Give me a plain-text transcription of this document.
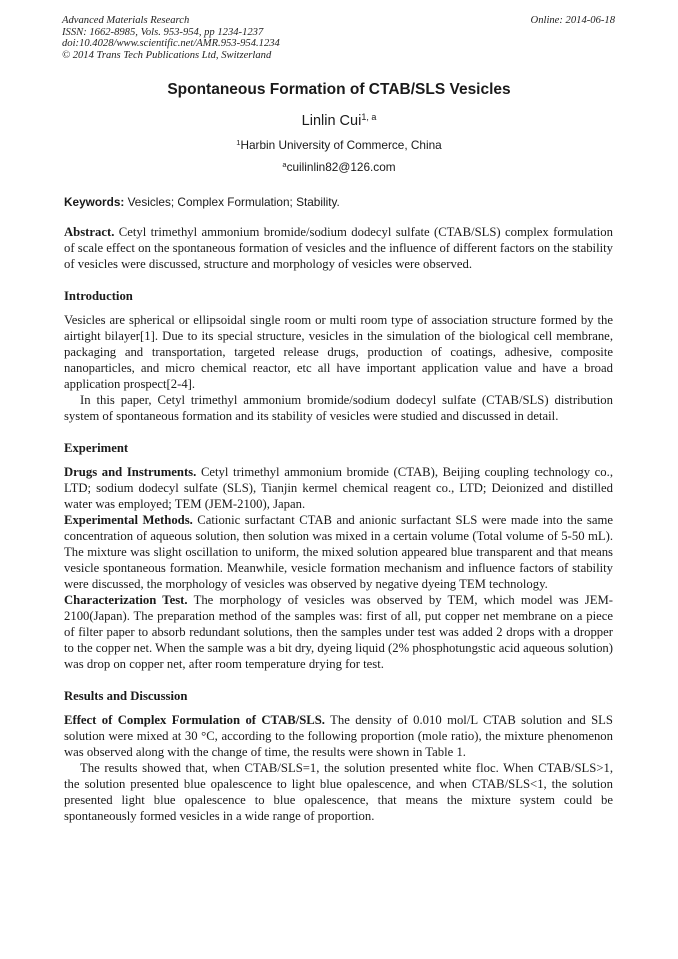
Advanced Materials Research
ISSN: 1662-8985, Vols. 953-954, pp 1234-1237
doi:10.4028/www.scientific.net/AMR.953-954.1234
© 2014 Trans Tech Publications Ltd, Switzerland
Online: 2014-06-18
Spontaneous Formation of CTAB/SLS Vesicles
Linlin Cui$^{1, a}$
$^1$Harbin University of Commerce, China
$^a$cuilinlin82@126.com
Keywords: Vesicles; Complex Formulation; Stability.

Abstract. Cetyl trimethyl ammonium bromide/sodium dodecyl sulfate (CTAB/SLS) complex formulation of scale effect on the spontaneous formation of vesicles and the influence of different factors on the stability of vesicles were discussed, structure and morphology of vesicles were observed.

Introduction

Vesicles are spherical or ellipsoidal single room or multi room type of association structure formed by the airtight bilayer[1]. Due to its special structure, vesicles in the simulation of the biological cell membrane, packaging and transportation, targeted release drugs, production of coatings, adhesive, composite nanoparticles, and micro chemical reactor, etc all have important application value and have a broad application prospect[2-4].

In this paper, Cetyl trimethyl ammonium bromide/sodium dodecyl sulfate (CTAB/SLS) distribution system of spontaneous formation and its stability of vesicles were studied and discussed in detail.

Experiment

Drugs and Instruments. Cetyl trimethyl ammonium bromide (CTAB), Beijing coupling technology co., LTD; sodium dodecyl sulfate (SLS), Tianjin kermel chemical reagent co., LTD; Deionized and distilled water was employed; TEM (JEM-2100), Japan.

Experimental Methods. Cationic surfactant CTAB and anionic surfactant SLS were made into the same concentration of aqueous solution, then solution was mixed in a certain volume (Total volume of 5-50 mL). The mixture was slight oscillation to uniform, the mixed solution appeared blue transparent and that means vesicle spontaneous formation. Meanwhile, vesicle formation mechanism and influence factors of stability were discussed, the morphology of vesicles was observed by negative dyeing TEM technology.

Characterization Test. The morphology of vesicles was observed by TEM, which model was JEM-2100(Japan). The preparation method of the samples was: first of all, put copper net membrane on a piece of filter paper to absorb redundant solutions, then the samples under test was added 2 drops with a dropper to the copper net. When the sample was a bit dry, dyeing liquid (2% phosphotungstic acid aqueous solution) was drop on copper net, after room temperature drying for test.

Results and Discussion

Effect of Complex Formulation of CTAB/SLS. The density of 0.010 mol/L CTAB solution and SLS solution were mixed at 30 °C, according to the following proportion (mole ratio), the mixture phenomenon was observed along with the change of time, the results were shown in Table 1.

The results showed that, when CTAB/SLS=1, the solution presented white floc. When CTAB/SLS>1, the solution presented blue opalescence to light blue opalescence, and when CTAB/SLS<1, the solution presented light blue opalescence to blue opalescence, that means the mixture system could be spontaneously formed vesicles in a wide range of proportion.
